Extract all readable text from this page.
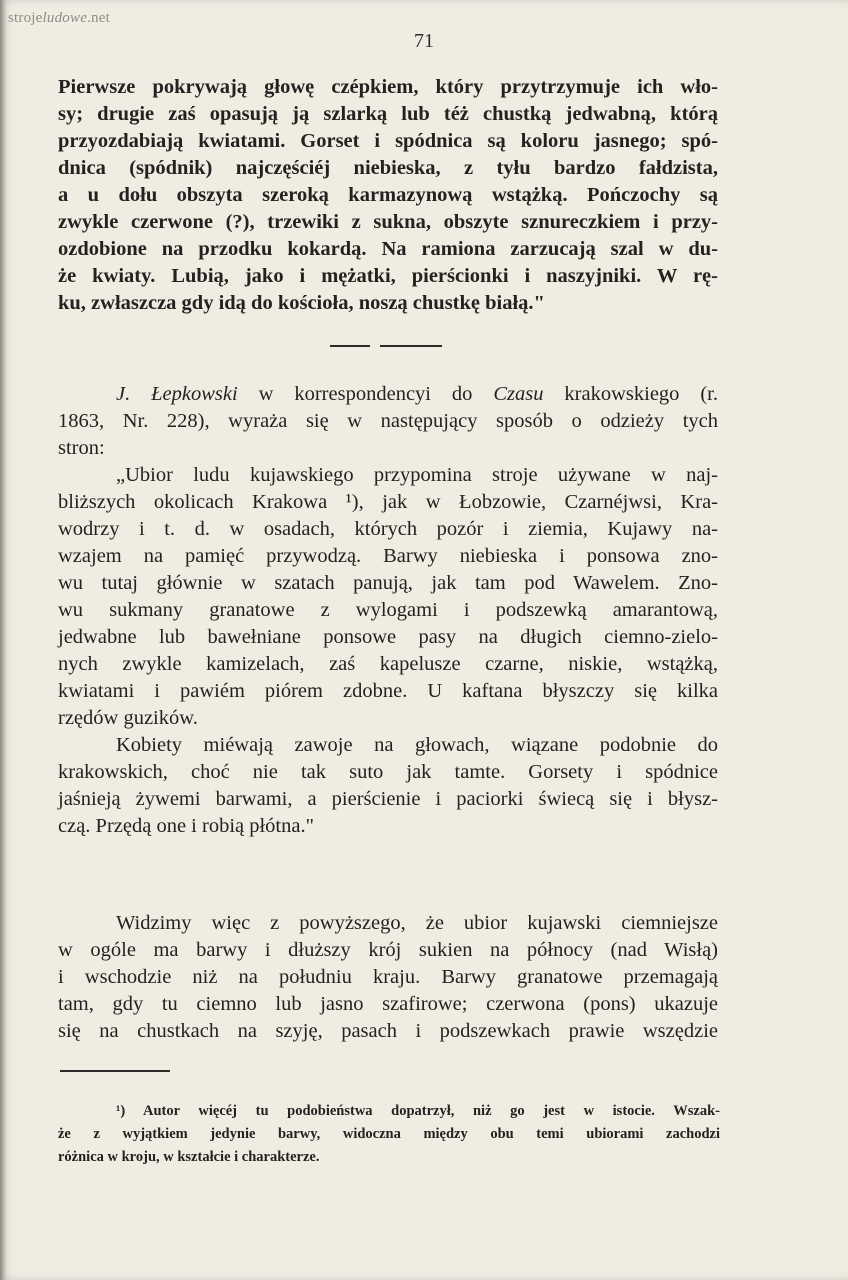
strojeludowe.net
71
Pierwsze pokrywają głowę czépkiem, który przytrzymuje ich wło-
sy; drugie zaś opasują ją szlarką lub téż chustką jedwabną, którą
przyozdabiają kwiatami. Gorset i spódnica są koloru jasnego; spó-
dnica (spódnik) najczęściéj niebieska, z tyłu bardzo fałdzista,
a u dołu obszyta szeroką karmazynową wstążką. Pończochy są
zwykle czerwone (?), trzewiki z sukna, obszyte sznureczkiem i przy-
ozdobione na przodku kokardą. Na ramiona zarzucają szal w du-
że kwiaty. Lubią, jako i mężatki, pierścionki i naszyjniki. W rę-
ku, zwłaszcza gdy idą do kościoła, noszą chustkę białą."
J. Łepkowski w korrespondencyi do Czasu krakowskiego (r.
1863, Nr. 228), wyraża się w następujący sposób o odzieży tych
stron:
„Ubior ludu kujawskiego przypomina stroje używane w naj-
bliższych okolicach Krakowa ¹), jak w Łobzowie, Czarnéjwsi, Kra-
wodrzy i t. d. w osadach, których pozór i ziemia, Kujawy na-
wzajem na pamięć przywodzą. Barwy niebieska i ponsowa zno-
wu tutaj głównie w szatach panują, jak tam pod Wawelem. Zno-
wu sukmany granatowe z wylogami i podszewką amarantową,
jedwabne lub bawełniane ponsowe pasy na długich ciemno-zielo-
nych zwykle kamizelach, zaś kapelusze czarne, niskie, wstążką,
kwiatami i pawiém piórem zdobne. U kaftana błyszczy się kilka
rzędów guzików.
Kobiety miéwają zawoje na głowach, wiązane podobnie do
krakowskich, choć nie tak suto jak tamte. Gorsety i spódnice
jaśnieją żywemi barwami, a pierścienie i paciorki świecą się i błysz-
czą. Przędą one i robią płótna."
Widzimy więc z powyższego, że ubior kujawski ciemniejsze
w ogóle ma barwy i dłuższy krój sukien na północy (nad Wisłą)
i wschodzie niż na południu kraju. Barwy granatowe przemagają
tam, gdy tu ciemno lub jasno szafirowe; czerwona (pons) ukazuje
się na chustkach na szyję, pasach i podszewkach prawie wszędzie
¹) Autor więcéj tu podobieństwa dopatrzył, niż go jest w istocie. Wszak-
że z wyjątkiem jedynie barwy, widoczna między obu temi ubiorami zachodzi
różnica w kroju, w kształcie i charakterze.
